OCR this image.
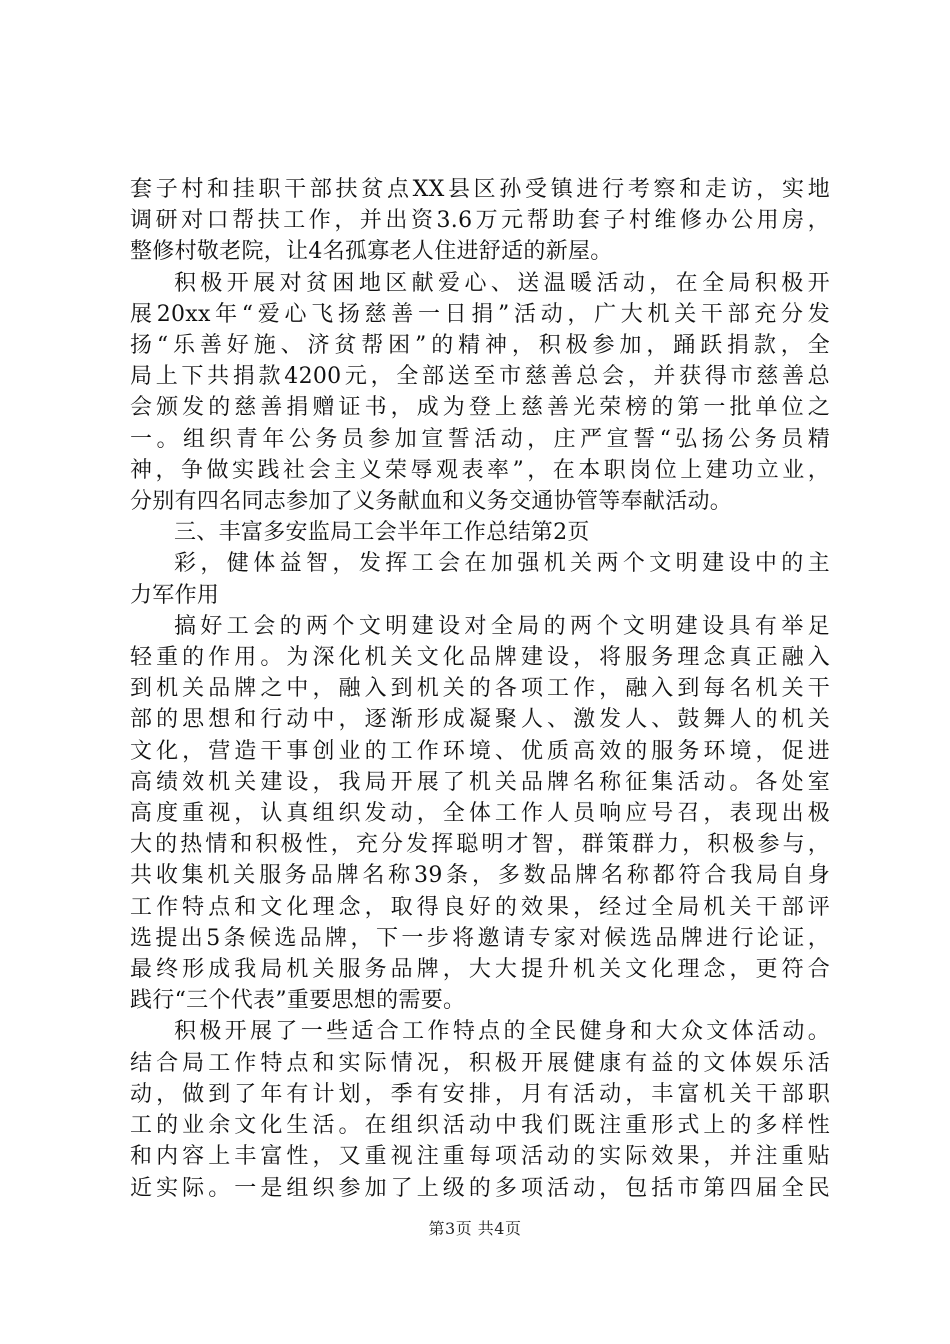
套子村和挂职干部扶贫点XX县区孙受镇进行考察和走访，实地
调研对口帮扶工作，并出资3.6万元帮助套子村维修办公用房，
整修村敬老院，让4名孤寡老人住进舒适的新屋。
积极开展对贫困地区献爱心、送温暖活动，在全局积极开
展20xx年“爱心飞扬慈善一日捐”活动，广大机关干部充分发
扬“乐善好施、济贫帮困”的精神，积极参加，踊跃捐款，全
局上下共捐款4200元，全部送至市慈善总会，并获得市慈善总
会颁发的慈善捐赠证书，成为登上慈善光荣榜的第一批单位之
一。组织青年公务员参加宣誓活动，庄严宣誓“弘扬公务员精
神，争做实践社会主义荣辱观表率”，在本职岗位上建功立业，
分别有四名同志参加了义务献血和义务交通协管等奉献活动。
三、丰富多安监局工会半年工作总结第2页
彩，健体益智，发挥工会在加强机关两个文明建设中的主
力军作用
搞好工会的两个文明建设对全局的两个文明建设具有举足
轻重的作用。为深化机关文化品牌建设，将服务理念真正融入
到机关品牌之中，融入到机关的各项工作，融入到每名机关干
部的思想和行动中，逐渐形成凝聚人、激发人、鼓舞人的机关
文化，营造干事创业的工作环境、优质高效的服务环境，促进
高绩效机关建设，我局开展了机关品牌名称征集活动。各处室
高度重视，认真组织发动，全体工作人员响应号召，表现出极
大的热情和积极性，充分发挥聪明才智，群策群力，积极参与，
共收集机关服务品牌名称39条，多数品牌名称都符合我局自身
工作特点和文化理念，取得良好的效果，经过全局机关干部评
选提出5条候选品牌，下一步将邀请专家对候选品牌进行论证，
最终形成我局机关服务品牌，大大提升机关文化理念，更符合
践行“三个代表”重要思想的需要。
积极开展了一些适合工作特点的全民健身和大众文体活动。
结合局工作特点和实际情况，积极开展健康有益的文体娱乐活
动，做到了年有计划，季有安排，月有活动，丰富机关干部职
工的业余文化生活。在组织活动中我们既注重形式上的多样性
和内容上丰富性，又重视注重每项活动的实际效果，并注重贴
近实际。一是组织参加了上级的多项活动，包括市第四届全民
第3页 共4页
